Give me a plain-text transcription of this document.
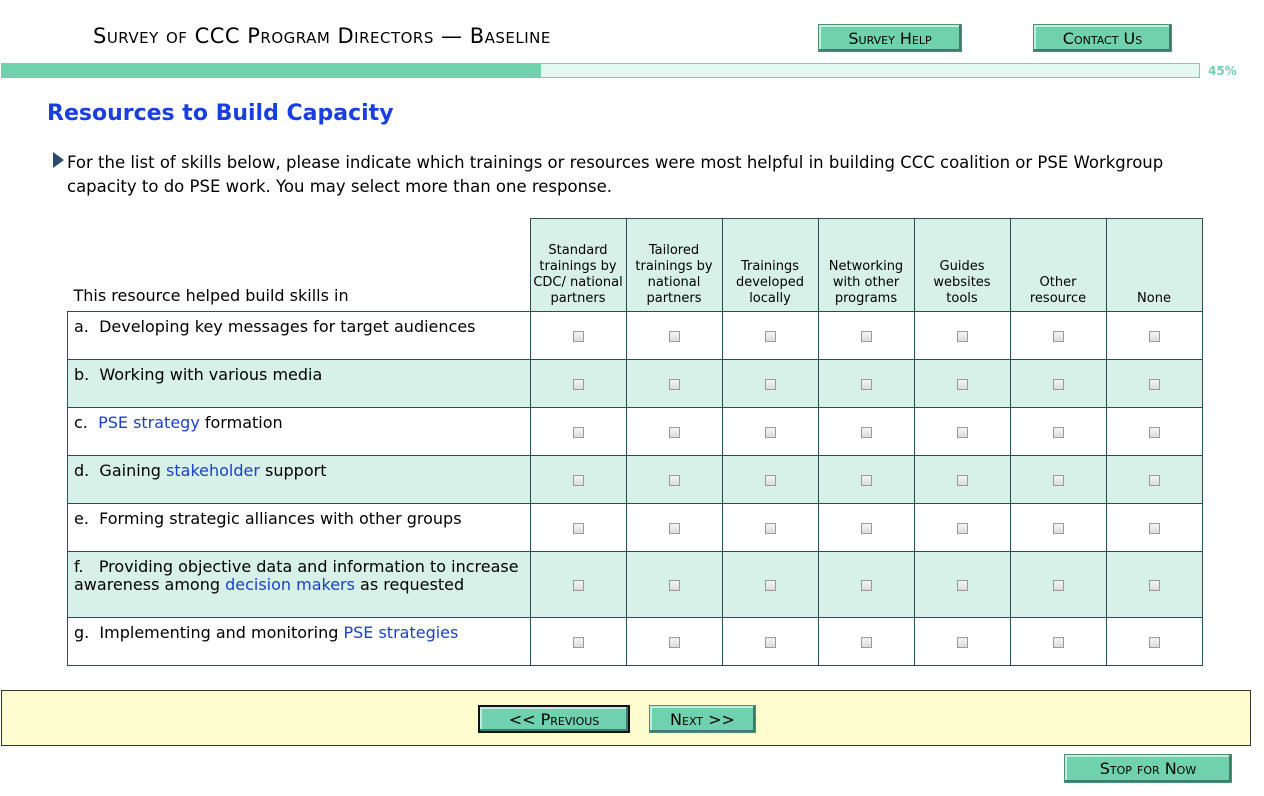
Survey of CCC Program Directors — Baseline	Survey Help	Contact Us
45%
Resources to Build Capacity
For the list of skills below, please indicate which trainings or resources were most helpful in building CCC coalition or PSE Workgroup capacity to do PSE work. You may select more than one response.
This resource helped build skills in	Standard trainings by CDC/ national partners	Tailored trainings by national partners	Trainings developed locally	Networking with other programs	Guides websites tools	Other resource	None
a.  Developing key messages for target audiences							
b.  Working with various media							
c.  PSE strategy formation							
d.  Gaining stakeholder support							
e.  Forming strategic alliances with other groups							
f.   Providing objective data and information to increase awareness among decision makers as requested							
g.  Implementing and monitoring PSE strategies							
<< Previous	Next >>
Stop for Now
